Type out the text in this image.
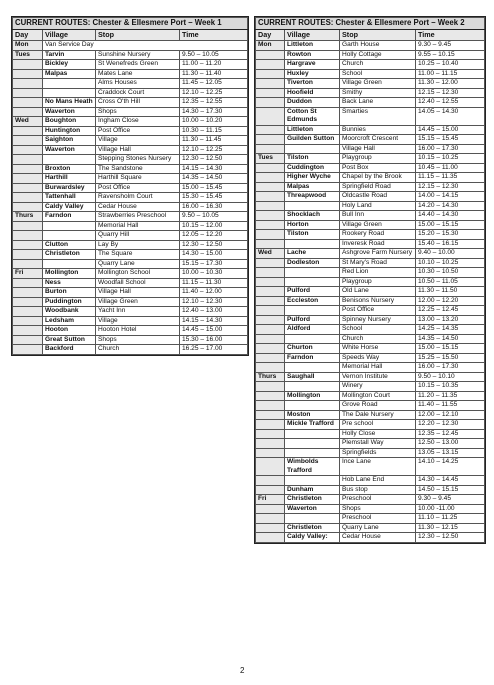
CURRENT ROUTES: Chester & Ellesmere Port – Week 1			
Day	Village	Stop	Time
Mon	Van Service Day		
Tues	Tarvin	Sunshine Nursery	9.50 – 10.05
	Bickley	St Wenefreds Green	11.00 – 11.20
	Malpas	Mates Lane	11.30 – 11.40
		Alms Houses	11.45 – 12.05
		Craddock Court	12.10 – 12.25
	No Mans Heath	Cross O'th Hill	12.35 – 12.55
	Waverton	Shops	14.30 – 17.30
Wed	Boughton	Ingham Close	10.00 – 10.20
	Huntington	Post Office	10.30 – 11.15
	Saighton	Village	11.30 – 11.45
	Waverton	Village Hall	12.10 – 12.25
		Stepping Stones Nursery	12.30 – 12.50
	Broxton	The Sandstone	14.15 – 14.30
	Harthill	Harthill Square	14.35 – 14.50
	Burwardsley	Post Office	15.00 – 15.45
	Tattenhall	Ravensholm Court	15.30 – 15.45
	Caldy Valley	Cedar House	16.00 – 16.30
Thurs	Farndon	Strawberries Preschool	9.50 – 10.05
		Memorial Hall	10.15 – 12.00
		Quarry Hill	12.05 – 12.20
	Clutton	Lay By	12.30 – 12.50
	Christleton	The Square	14.30 – 15.00
		Quarry Lane	15.15 – 17.30
Fri	Mollington	Mollington School	10.00 – 10.30
	Ness	Woodfall School	11.15 – 11.30
	Burton	Village Hall	11.40 – 12.00
	Puddington	Village Green	12.10 – 12.30
	Woodbank	Yacht Inn	12.40 – 13.00
	Ledsham	Village	14.15 – 14.30
	Hooton	Hooton Hotel	14.45 – 15.00
	Great Sutton	Shops	15.30 – 16.00
	Backford	Church	16.25 – 17.00
CURRENT ROUTES: Chester & Ellesmere Port – Week 2			
Day	Village	Stop	Time
Mon	Littleton	Garth House	9.30 – 9.45
	Rowton	Holly Cottage	9.55 – 10.15
	Hargrave	Church	10.25 – 10.40
	Huxley	School	11.00 – 11.15
	Tiverton	Village Green	11.30 – 12.00
	Hoofield	Smithy	12.15 – 12.30
	Duddon	Back Lane	12.40 – 12.55
	Cotton St Edmunds	Smarties	14.05 – 14.30
	Littleton	Bunnies	14.45 – 15.00
	Guilden Sutton	Moorcroft Crescent	15.15 – 15.45
		Village Hall	16.00 – 17.30
Tues	Tilston	Playgroup	10.15 – 10.25
	Cuddington	Post Box	10.45 – 11.00
	Higher Wyche	Chapel by the Brook	11.15 – 11.35
	Malpas	Springfield Road	12.15 – 12.30
	Threapwood	Oldcastle Road	14.00 – 14.15
		Holy Land	14.20 – 14.30
	Shocklach	Bull Inn	14.40 – 14.30
	Horton	Village Green	15.00 – 15.15
	Tilston	Rookery Road	15.20 – 15.30
		Inveresk Road	15.40 – 16.15
Wed	Lache	Ashgrove Farm Nursery	9.40 – 10.00
	Dodleston	St Mary's Road	10.10 – 10.25
		Red Lion	10.30 – 10.50
		Playgroup	10.50 – 11.05
	Pulford	Old Lane	11.30 – 11.50
	Eccleston	Benisons Nursery	12.00 – 12.20
		Post Office	12.25 – 12.45
	Pulford	Spinney Nursery	13.00 – 13.20
	Aldford	School	14.25 – 14.35
		Church	14.35 – 14.50
	Churton	White Horse	15.00 – 15.15
	Farndon	Speeds Way	15.25 – 15.50
		Memorial Hall	16.00 – 17.30
Thurs	Saughall	Vernon Institute	9.50 – 10.10
		Winery	10.15 – 10.35
	Mollington	Mollington Court	11.20 – 11.35
		Grove Road	11.40 – 11.55
	Moston	The Dale Nursery	12.00 – 12.10
	Mickle Trafford	Pre school	12.20 – 12.30
		Holly Close	12.35 – 12.45
		Plemstall Way	12.50 – 13.00
		Springfields	13.05 – 13.15
	Wimbolds Trafford	Ince Lane	14.10 – 14.25
		Hob Lane End	14.30 – 14.45
	Dunham	Bus stop	14.50 – 15.15
Fri	Christleton	Preschool	9.30 – 9.45
	Waverton	Shops	10.00 -11.00
		Preschool	11.10 – 11.25
	Christleton	Quarry Lane	11.30 – 12.15
	Caldy Valley:	Cedar House	12.30 – 12.50
2
